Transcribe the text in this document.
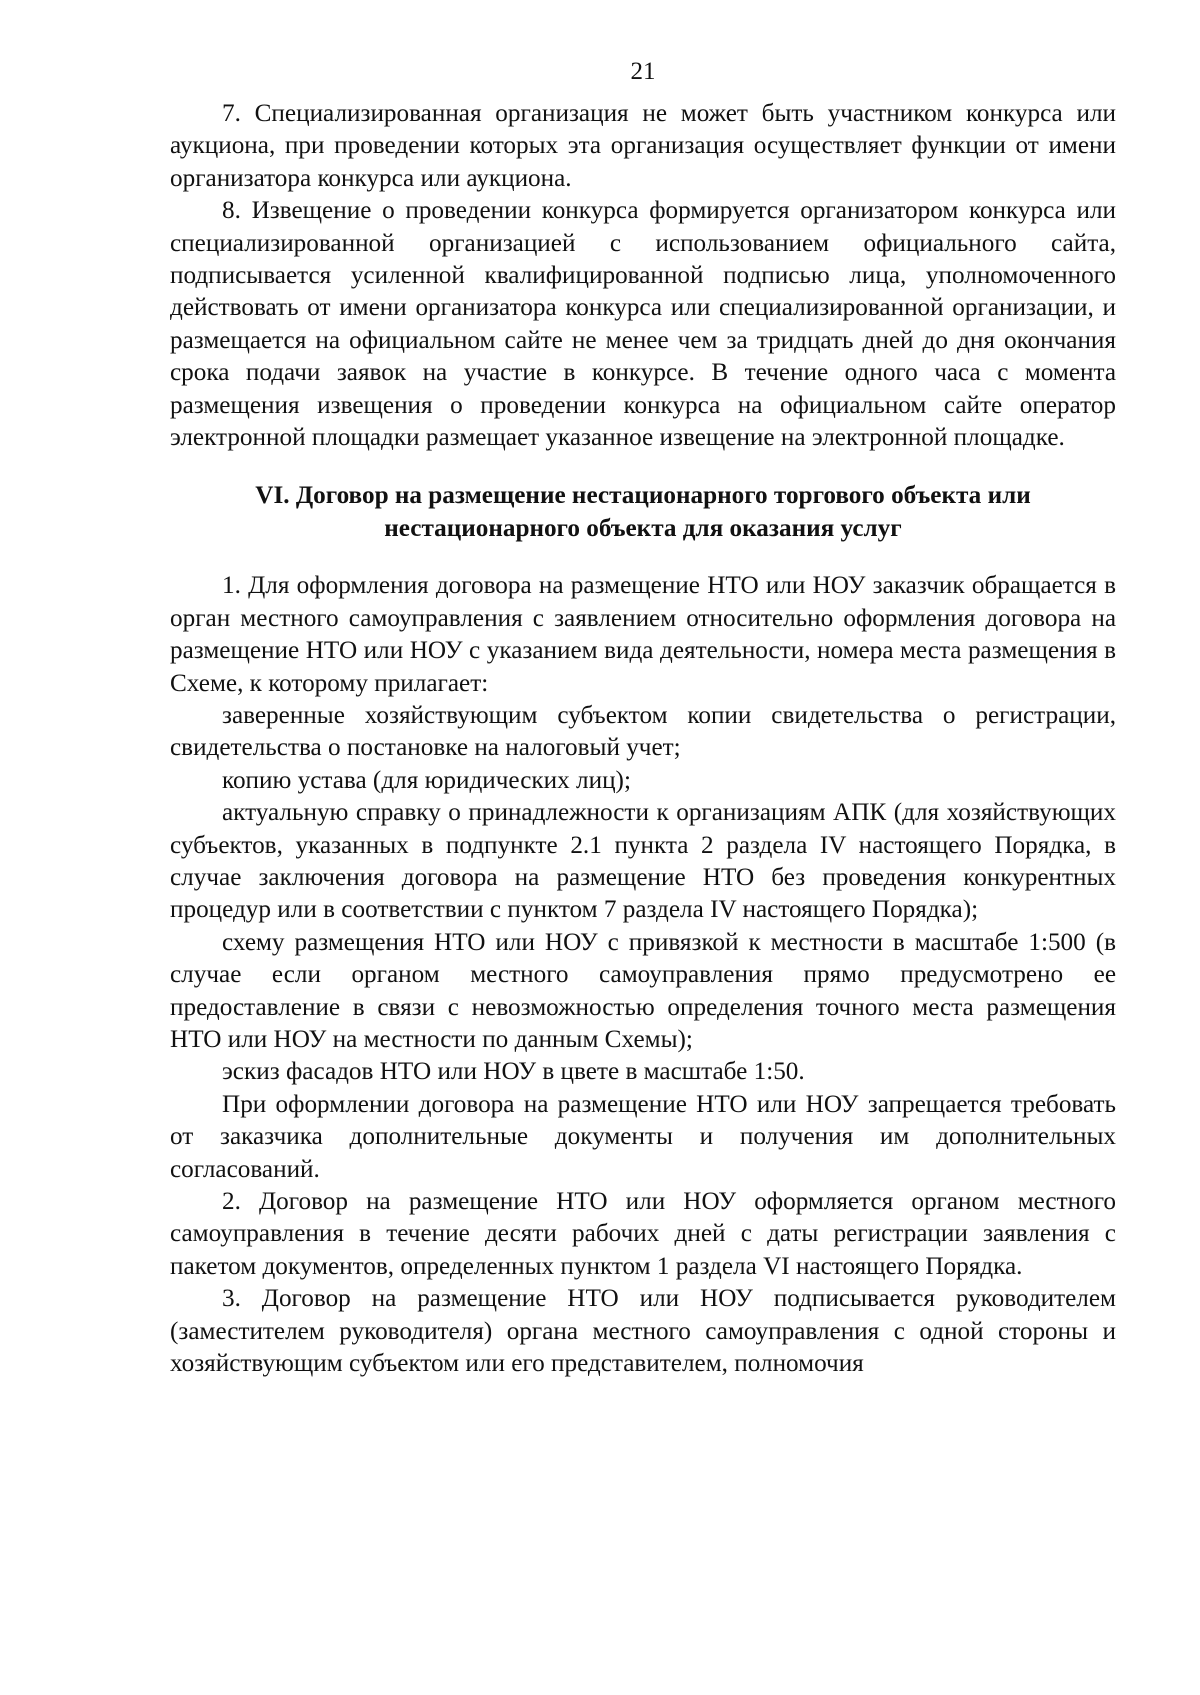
21

7. Специализированная организация не может быть участником конкурса или аукциона, при проведении которых эта организация осуществляет функции от имени организатора конкурса или аукциона.

8. Извещение о проведении конкурса формируется организатором конкурса или специализированной организацией с использованием официального сайта, подписывается усиленной квалифицированной подписью лица, уполномоченного действовать от имени организатора конкурса или специализированной организации, и размещается на официальном сайте не менее чем за тридцать дней до дня окончания срока подачи заявок на участие в конкурсе. В течение одного часа с момента размещения извещения о проведении конкурса на официальном сайте оператор электронной площадки размещает указанное извещение на электронной площадке.

VI. Договор на размещение нестационарного торгового объекта или
нестационарного объекта для оказания услуг

1. Для оформления договора на размещение НТО или НОУ заказчик обращается в орган местного самоуправления с заявлением относительно оформления договора на размещение НТО или НОУ с указанием вида деятельности, номера места размещения в Схеме, к которому прилагает:

заверенные хозяйствующим субъектом копии свидетельства о регистрации, свидетельства о постановке на налоговый учет;

копию устава (для юридических лиц);

актуальную справку о принадлежности к организациям АПК (для хозяйствующих субъектов, указанных в подпункте 2.1 пункта 2 раздела IV настоящего Порядка, в случае заключения договора на размещение НТО без проведения конкурентных процедур или в соответствии с пунктом 7 раздела IV настоящего Порядка);

схему размещения НТО или НОУ с привязкой к местности в масштабе 1:500 (в случае если органом местного самоуправления прямо предусмотрено ее предоставление в связи с невозможностью определения точного места размещения НТО или НОУ на местности по данным Схемы);

эскиз фасадов НТО или НОУ в цвете в масштабе 1:50.

При оформлении договора на размещение НТО или НОУ запрещается требовать от заказчика дополнительные документы и получения им дополнительных согласований.

2. Договор на размещение НТО или НОУ оформляется органом местного самоуправления в течение десяти рабочих дней с даты регистрации заявления с пакетом документов, определенных пунктом 1 раздела VI настоящего Порядка.

3. Договор на размещение НТО или НОУ подписывается руководителем (заместителем руководителя) органа местного самоуправления с одной стороны и хозяйствующим субъектом или его представителем, полномочия
